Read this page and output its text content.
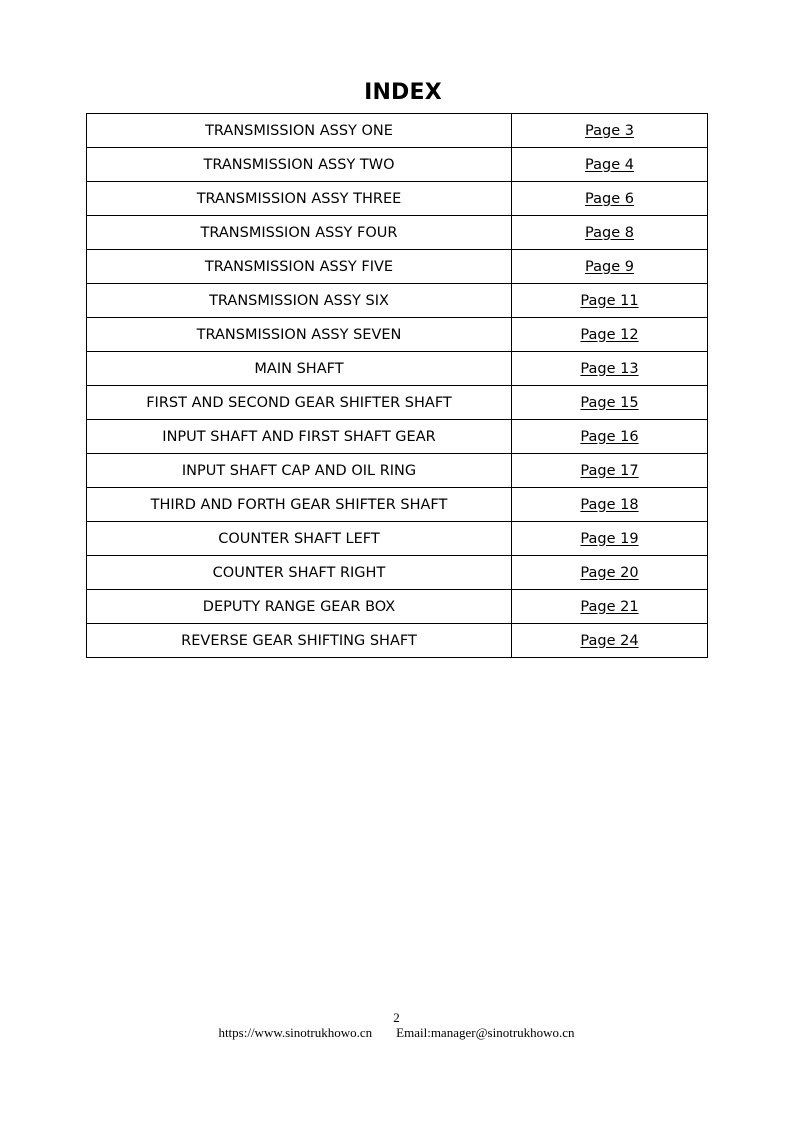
INDEX
TRANSMISSION ASSY ONE	Page 3
TRANSMISSION ASSY TWO	Page 4
TRANSMISSION ASSY THREE	Page 6
TRANSMISSION ASSY FOUR	Page 8
TRANSMISSION ASSY FIVE	Page 9
TRANSMISSION ASSY SIX	Page 11
TRANSMISSION ASSY SEVEN	Page 12
MAIN SHAFT	Page 13
FIRST AND SECOND GEAR SHIFTER SHAFT	Page 15
INPUT SHAFT AND FIRST SHAFT GEAR	Page 16
INPUT SHAFT CAP AND OIL RING	Page 17
THIRD AND FORTH GEAR SHIFTER SHAFT	Page 18
COUNTER SHAFT LEFT	Page 19
COUNTER SHAFT RIGHT	Page 20
DEPUTY RANGE GEAR BOX	Page 21
REVERSE GEAR SHIFTING SHAFT	Page 24
2
https://www.sinotrukhowo.cn Email:manager@sinotrukhowo.cn
